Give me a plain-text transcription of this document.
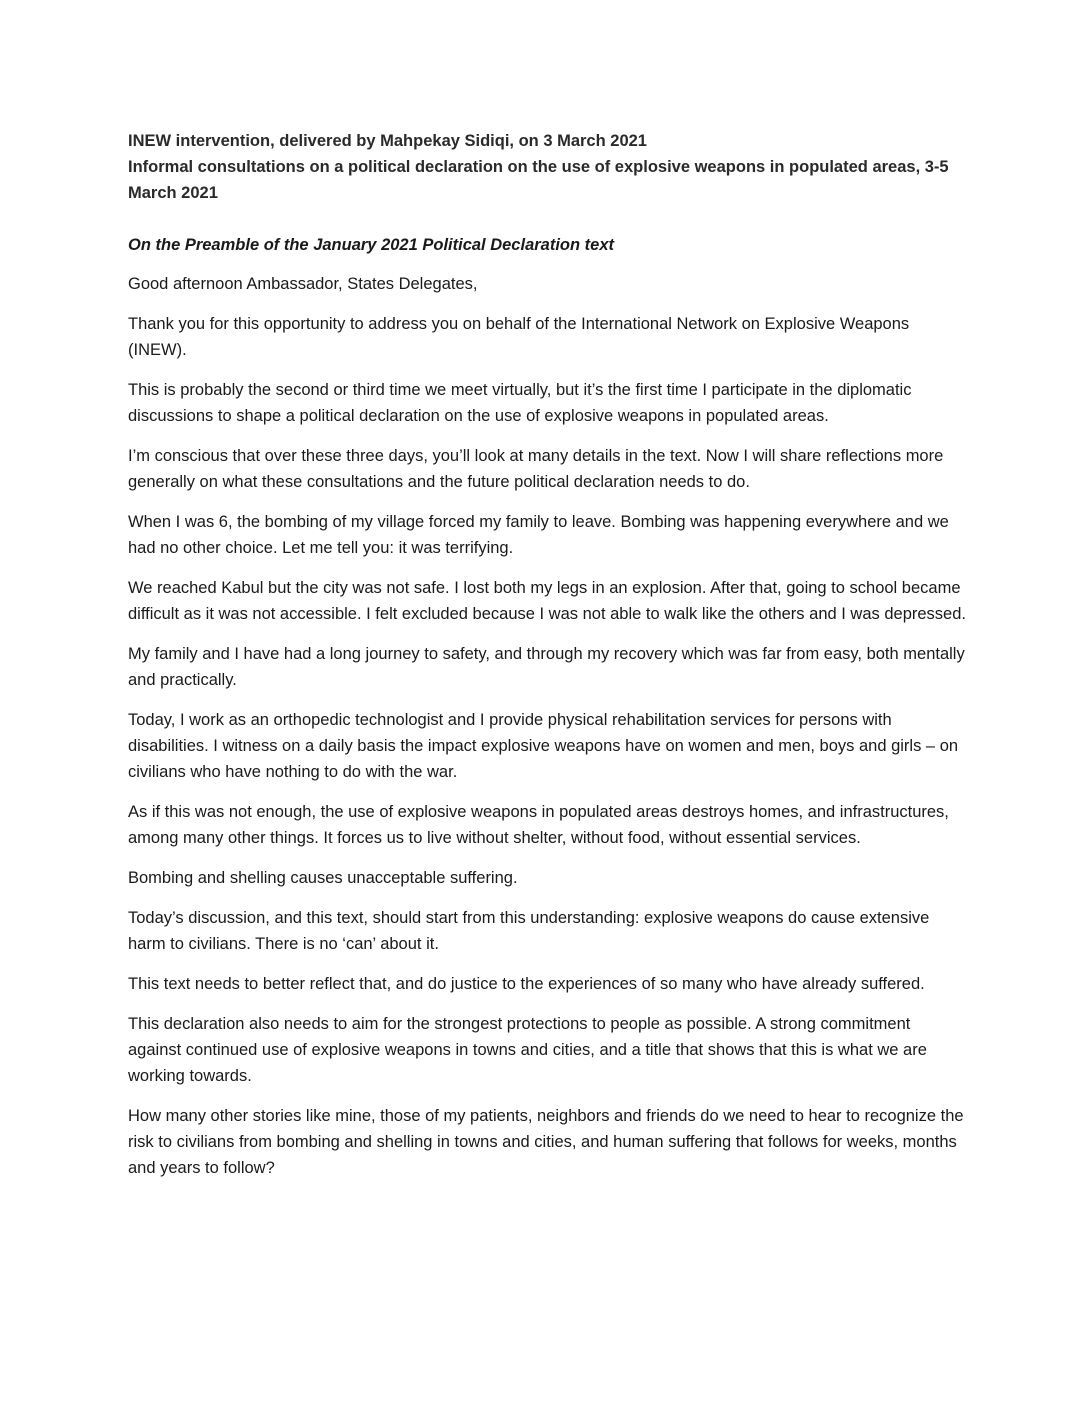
INEW intervention, delivered by Mahpekay Sidiqi, on 3 March 2021

Informal consultations on a political declaration on the use of explosive weapons in populated areas, 3-5 March 2021

On the Preamble of the January 2021 Political Declaration text

Good afternoon Ambassador, States Delegates,

Thank you for this opportunity to address you on behalf of the International Network on Explosive Weapons (INEW).

This is probably the second or third time we meet virtually, but it’s the first time I participate in the diplomatic discussions to shape a political declaration on the use of explosive weapons in populated areas.

I’m conscious that over these three days, you’ll look at many details in the text. Now I will share reflections more generally on what these consultations and the future political declaration needs to do.

When I was 6, the bombing of my village forced my family to leave. Bombing was happening everywhere and we had no other choice. Let me tell you: it was terrifying.

We reached Kabul but the city was not safe. I lost both my legs in an explosion. After that, going to school became difficult as it was not accessible. I felt excluded because I was not able to walk like the others and I was depressed.

My family and I have had a long journey to safety, and through my recovery which was far from easy, both mentally and practically.

Today, I work as an orthopedic technologist and I provide physical rehabilitation services for persons with disabilities. I witness on a daily basis the impact explosive weapons have on women and men, boys and girls – on civilians who have nothing to do with the war.

As if this was not enough, the use of explosive weapons in populated areas destroys homes, and infrastructures, among many other things. It forces us to live without shelter, without food, without essential services.

Bombing and shelling causes unacceptable suffering.

Today’s discussion, and this text, should start from this understanding: explosive weapons do cause extensive harm to civilians. There is no ‘can’ about it.

This text needs to better reflect that, and do justice to the experiences of so many who have already suffered.

This declaration also needs to aim for the strongest protections to people as possible. A strong commitment against continued use of explosive weapons in towns and cities, and a title that shows that this is what we are working towards.

How many other stories like mine, those of my patients, neighbors and friends do we need to hear to recognize the risk to civilians from bombing and shelling in towns and cities, and human suffering that follows for weeks, months and years to follow?
